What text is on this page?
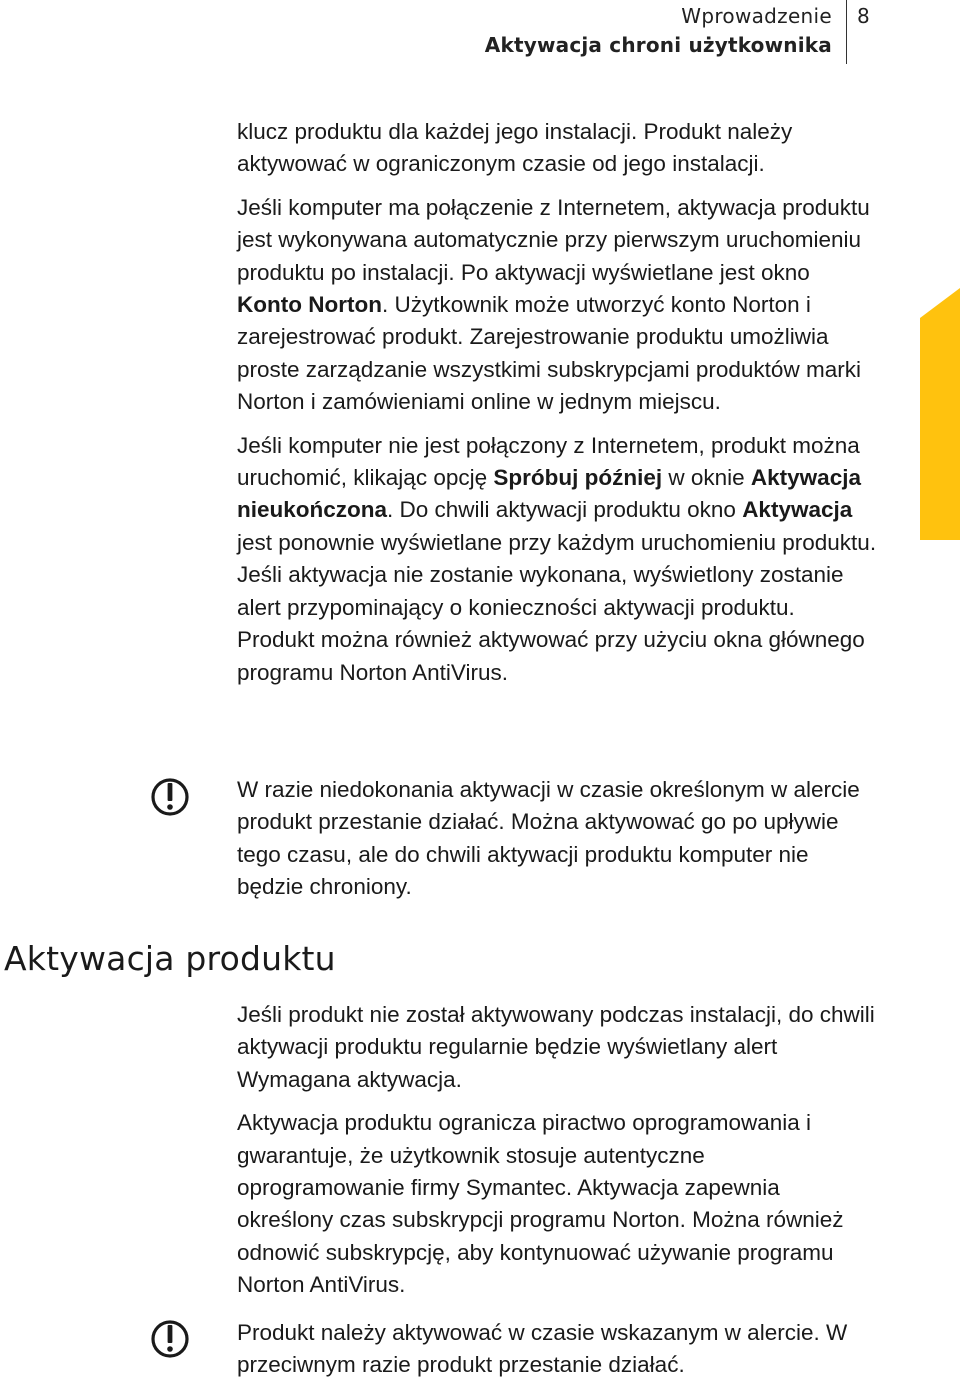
Wprowadzenie
Aktywacja chroni użytkownika
8

klucz produktu dla każdej jego instalacji. Produkt należy aktywować w ograniczonym czasie od jego instalacji.

Jeśli komputer ma połączenie z Internetem, aktywacja produktu jest wykonywana automatycznie przy pierwszym uruchomieniu produktu po instalacji. Po aktywacji wyświetlane jest okno Konto Norton. Użytkownik może utworzyć konto Norton i zarejestrować produkt. Zarejestrowanie produktu umożliwia proste zarządzanie wszystkimi subskrypcjami produktów marki Norton i zamówieniami online w jednym miejscu.

Jeśli komputer nie jest połączony z Internetem, produkt można uruchomić, klikając opcję Spróbuj później w oknie Aktywacja nieukończona. Do chwili aktywacji produktu okno Aktywacja jest ponownie wyświetlane przy każdym uruchomieniu produktu. Jeśli aktywacja nie zostanie wykonana, wyświetlony zostanie alert przypominający o konieczności aktywacji produktu. Produkt można również aktywować przy użyciu okna głównego programu Norton AntiVirus.

W razie niedokonania aktywacji w czasie określonym w alercie produkt przestanie działać. Można aktywować go po upływie tego czasu, ale do chwili aktywacji produktu komputer nie będzie chroniony.

Aktywacja produktu

Jeśli produkt nie został aktywowany podczas instalacji, do chwili aktywacji produktu regularnie będzie wyświetlany alert Wymagana aktywacja.

Aktywacja produktu ogranicza piractwo oprogramowania i gwarantuje, że użytkownik stosuje autentyczne oprogramowanie firmy Symantec. Aktywacja zapewnia określony czas subskrypcji programu Norton. Można również odnowić subskrypcję, aby kontynuować używanie programu Norton AntiVirus.

Produkt należy aktywować w czasie wskazanym w alercie. W przeciwnym razie produkt przestanie działać.
